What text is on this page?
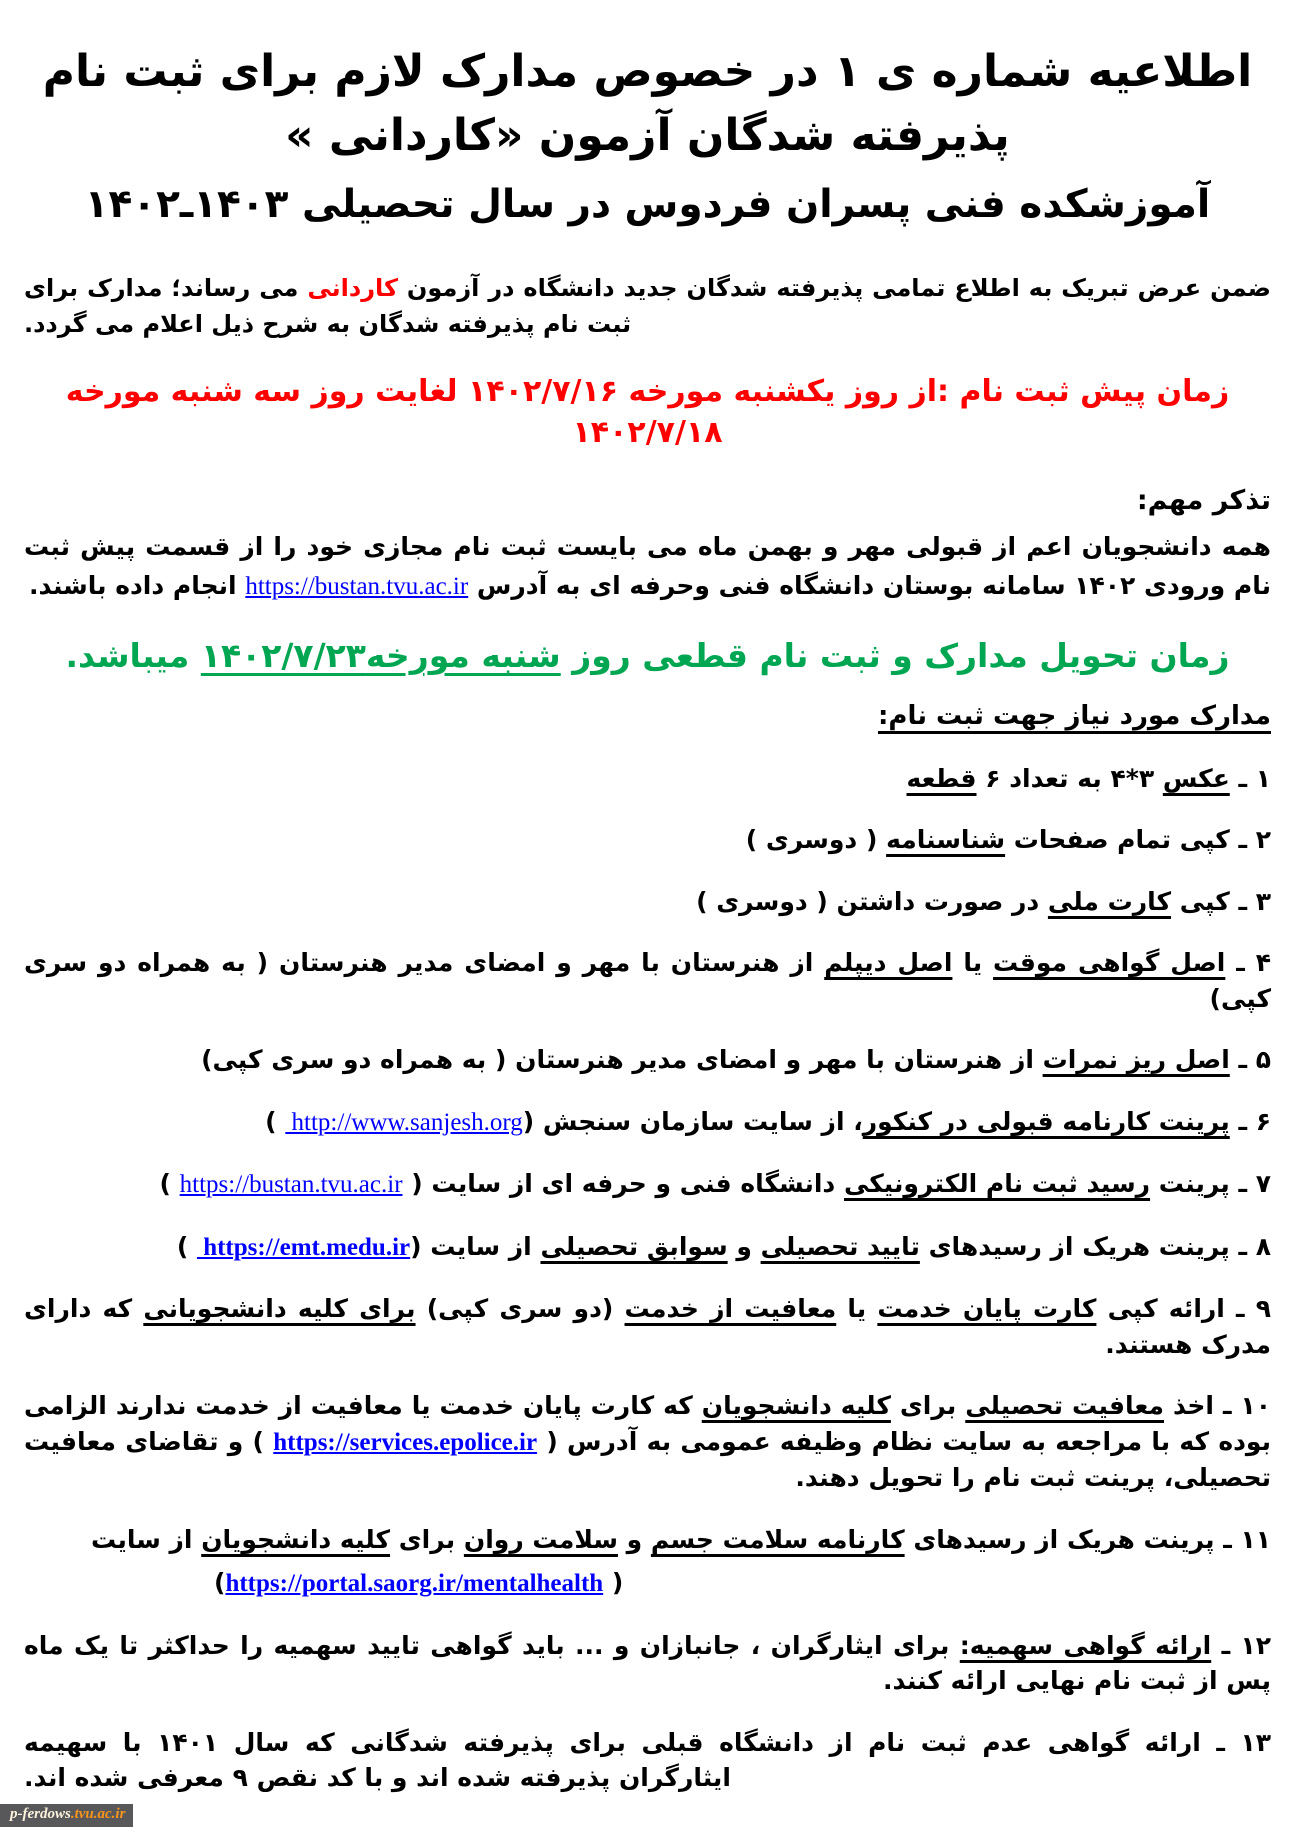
اطلاعیه شماره ی ۱ در خصوص مدارک لازم برای ثبت نام
پذیرفته شدگان آزمون «کاردانی »

آموزشکده فنی پسران فردوس در سال تحصیلی ۱۴۰۳ـ۱۴۰۲

ضمن عرض تبریک به اطلاع تمامی پذیرفته شدگان جدید دانشگاه در آزمون کاردانی می رساند؛ مدارک برای ثبت نام پذیرفته شدگان به شرح ذیل اعلام می گردد.

زمان پیش ثبت نام :از روز یکشنبه مورخه ۱۴۰۲/۷/۱۶ لغایت روز سه شنبه مورخه ۱۴۰۲/۷/۱۸

تذکر مهم:

همه دانشجویان اعم از قبولی مهر و بهمن ماه می بایست ثبت نام مجازی خود را از قسمت پیش ثبت نام ورودی ۱۴۰۲ سامانه بوستان دانشگاه فنی وحرفه ای به آدرس https://bustan.tvu.ac.ir انجام داده باشند.

زمان تحویل مدارک و ثبت نام قطعی روز شنبه مورخه۱۴۰۲/۷/۲۳ میباشد.

مدارک مورد نیاز جهت ثبت نام:

۱ ـ عکس ۳*۴ به تعداد ۶ قطعه

۲ ـ کپی تمام صفحات شناسنامه ( دوسری )

۳ ـ کپی کارت ملی در صورت داشتن ( دوسری )

۴ ـ اصل گواهی موقت یا اصل دیپلم از هنرستان با مهر و امضای مدیر هنرستان ( به همراه دو سری کپی)

۵ ـ اصل ریز نمرات از هنرستان با مهر و امضای مدیر هنرستان ( به همراه دو سری کپی)

۶ ـ پرینت کارنامه قبولی در کنکور، از سایت سازمان سنجش ( http://www.sanjesh.org )

۷ ـ پرینت رسید ثبت نام الکترونیکی دانشگاه فنی و حرفه ای از سایت ( https://bustan.tvu.ac.ir )

۸ ـ پرینت هریک از رسیدهای تایید تحصیلی و سوابق تحصیلی از سایت ( https://emt.medu.ir )

۹ ـ ارائه کپی کارت پایان خدمت یا معافیت از خدمت (دو سری کپی) برای کلیه دانشجویانی که دارای مدرک هستند.

۱۰ ـ اخذ معافیت تحصیلی برای کلیه دانشجویان که کارت پایان خدمت یا معافیت از خدمت ندارند الزامی بوده که با مراجعه به سایت نظام وظیفه عمومی به آدرس ( https://services.epolice.ir ) و تقاضای معافیت تحصیلی، پرینت ثبت نام را تحویل دهند.

۱۱ ـ پرینت هریک از رسیدهای کارنامه سلامت جسم و سلامت روان برای کلیه دانشجویان از سایت

( https://portal.saorg.ir/mentalhealth)

۱۲ ـ ارائه گواهی سهمیه: برای ایثارگران ، جانبازان و ... باید گواهی تایید سهمیه را حداکثر تا یک ماه پس از ثبت نام نهایی ارائه کنند.

۱۳ ـ ارائه گواهی عدم ثبت نام از دانشگاه قبلی برای پذیرفته شدگانی که سال ۱۴۰۱ با سهیمه ایثارگران پذیرفته شده اند و با کد نقص ۹ معرفی شده اند.

p-ferdows.tvu.ac.ir
